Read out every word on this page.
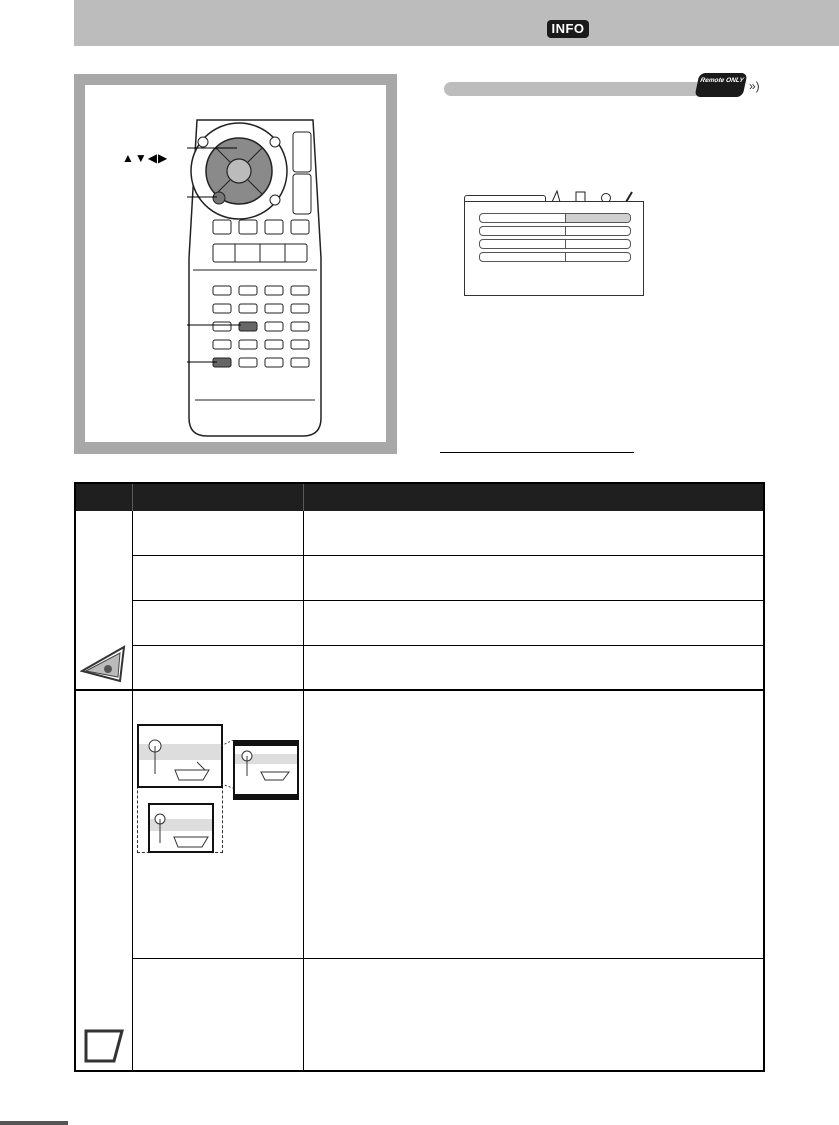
INFO
▲▼◀▶
Remote ONLY »)
